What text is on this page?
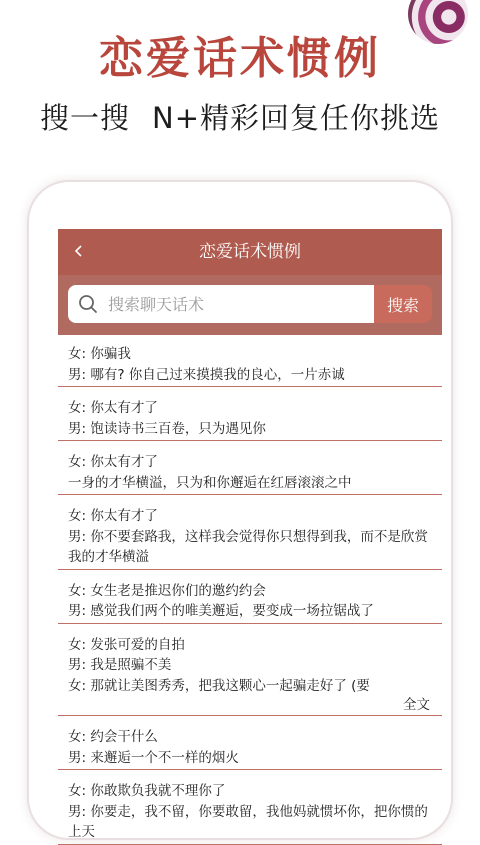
恋爱话术惯例
搜一搜 N+精彩回复任你挑选
恋爱话术惯例
搜索聊天话术
搜索
女: 你骗我
男: 哪有? 你自己过来摸摸我的良心，一片赤诚
女: 你太有才了
男: 饱读诗书三百卷，只为遇见你
女: 你太有才了
一身的才华横溢，只为和你邂逅在红唇滚滚之中
女: 你太有才了
男: 你不要套路我，这样我会觉得你只想得到我，而不是欣赏我的才华横溢
女: 女生老是推迟你们的邀约约会
男: 感觉我们两个的唯美邂逅，要变成一场拉锯战了
女: 发张可爱的自拍
男: 我是照骗不美
女: 那就让美图秀秀，把我这颗心一起骗走好了 (要
全文
女: 约会干什么
男: 来邂逅一个不一样的烟火
女: 你敢欺负我就不理你了
男: 你要走，我不留，你要敢留，我他妈就惯坏你，把你惯的上天
